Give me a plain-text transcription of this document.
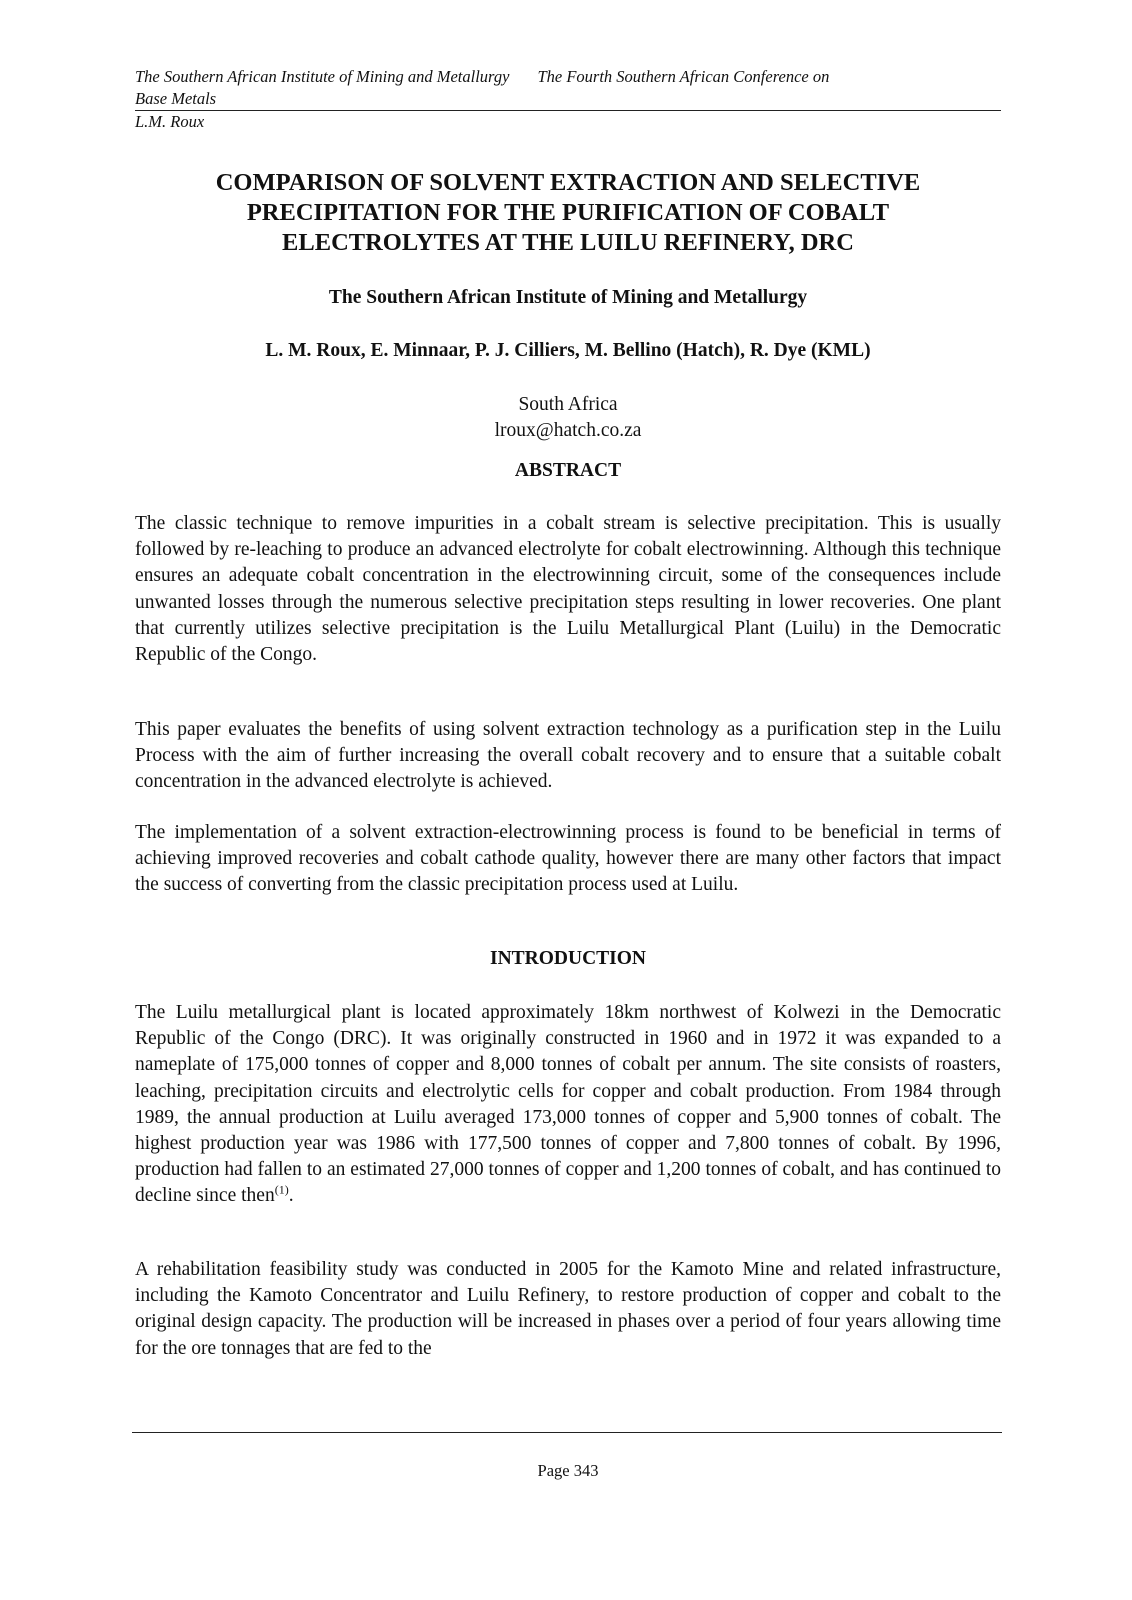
The Southern African Institute of Mining and Metallurgy The Fourth Southern African Conference on
Base Metals
L.M. Roux
COMPARISON OF SOLVENT EXTRACTION AND SELECTIVE
PRECIPITATION FOR THE PURIFICATION OF COBALT
ELECTROLYTES AT THE LUILU REFINERY, DRC

The Southern African Institute of Mining and Metallurgy

L. M. Roux, E. Minnaar, P. J. Cilliers, M. Bellino (Hatch), R. Dye (KML)

South Africa
lroux@hatch.co.za
ABSTRACT

The classic technique to remove impurities in a cobalt stream is selective precipitation. This is usually followed by re-leaching to produce an advanced electrolyte for cobalt electrowinning. Although this technique ensures an adequate cobalt concentration in the electrowinning circuit, some of the consequences include unwanted losses through the numerous selective precipitation steps resulting in lower recoveries. One plant that currently utilizes selective precipitation is the Luilu Metallurgical Plant (Luilu) in the Democratic Republic of the Congo.

This paper evaluates the benefits of using solvent extraction technology as a purification step in the Luilu Process with the aim of further increasing the overall cobalt recovery and to ensure that a suitable cobalt concentration in the advanced electrolyte is achieved.

The implementation of a solvent extraction-electrowinning process is found to be beneficial in terms of achieving improved recoveries and cobalt cathode quality, however there are many other factors that impact the success of converting from the classic precipitation process used at Luilu.

INTRODUCTION

The Luilu metallurgical plant is located approximately 18km northwest of Kolwezi in the Democratic Republic of the Congo (DRC). It was originally constructed in 1960 and in 1972 it was expanded to a nameplate of 175,000 tonnes of copper and 8,000 tonnes of cobalt per annum. The site consists of roasters, leaching, precipitation circuits and electrolytic cells for copper and cobalt production. From 1984 through 1989, the annual production at Luilu averaged 173,000 tonnes of copper and 5,900 tonnes of cobalt. The highest production year was 1986 with 177,500 tonnes of copper and 7,800 tonnes of cobalt. By 1996, production had fallen to an estimated 27,000 tonnes of copper and 1,200 tonnes of cobalt, and has continued to decline since then$^{(1)}$.

A rehabilitation feasibility study was conducted in 2005 for the Kamoto Mine and related infrastructure, including the Kamoto Concentrator and Luilu Refinery, to restore production of copper and cobalt to the original design capacity. The production will be increased in phases over a period of four years allowing time for the ore tonnages that are fed to the

Page 343
